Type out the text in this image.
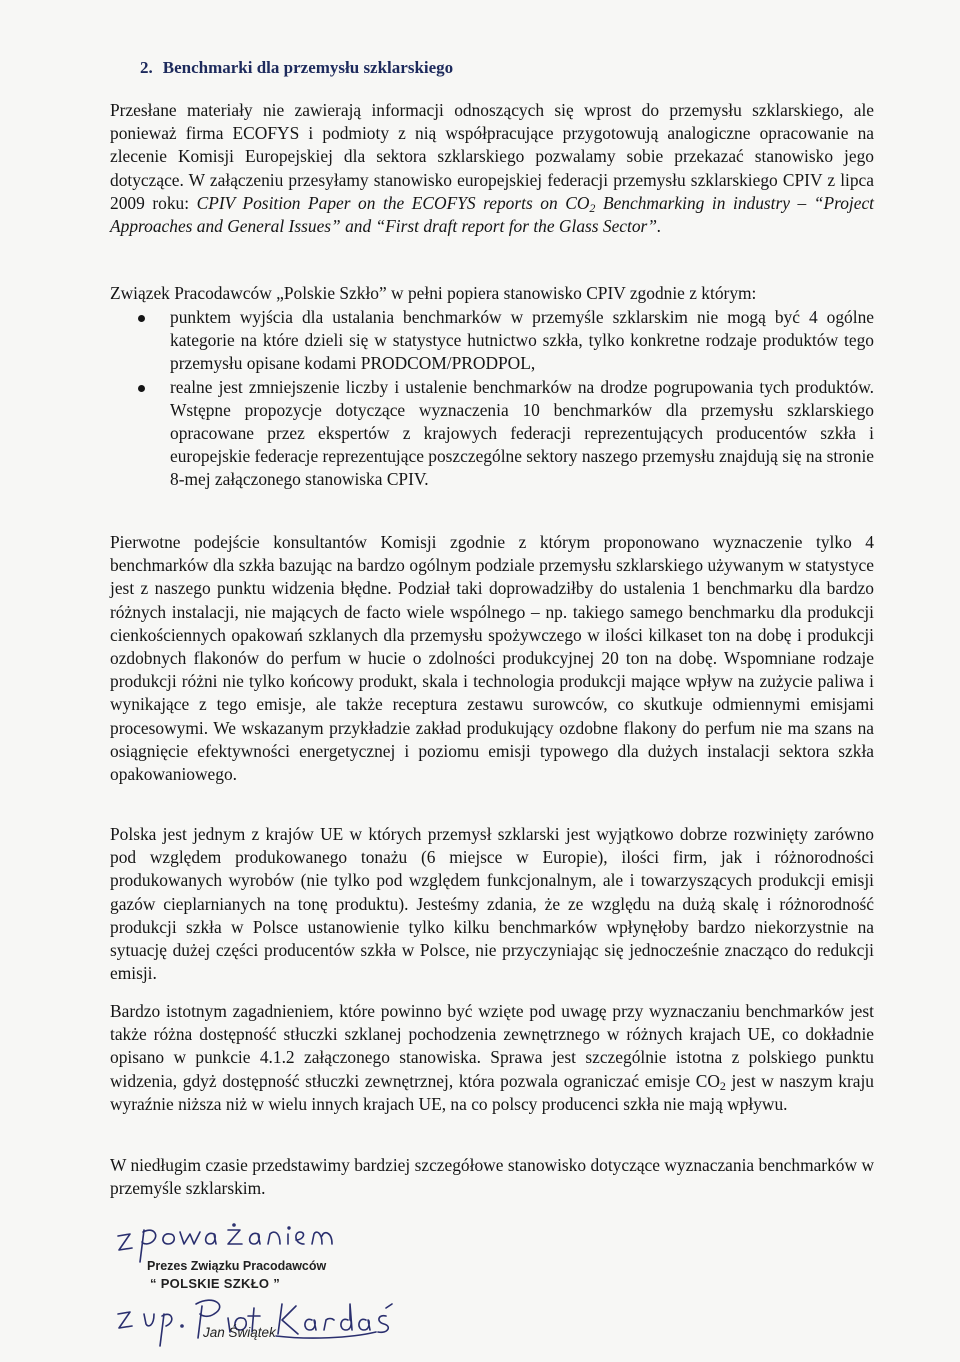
2. Benchmarki dla przemysłu szklarskiego

Przesłane materiały nie zawierają informacji odnoszących się wprost do przemysłu szklarskiego, ale ponieważ firma ECOFYS i podmioty z nią współpracujące przygotowują analogiczne opracowanie na zlecenie Komisji Europejskiej dla sektora szklarskiego pozwalamy sobie przekazać stanowisko jego dotyczące. W załączeniu przesyłamy stanowisko europejskiej federacji przemysłu szklarskiego CPIV z lipca 2009 roku: CPIV Position Paper on the ECOFYS reports on $CO_2$ Benchmarking in industry – “Project Approaches and General Issues” and “First draft report for the Glass Sector”.

Związek Pracodawców „Polskie Szkło” w pełni popiera stanowisko CPIV zgodnie z którym:

punktem wyjścia dla ustalania benchmarków w przemyśle szklarskim nie mogą być 4 ogólne kategorie na które dzieli się w statystyce hutnictwo szkła, tylko konkretne rodzaje produktów tego przemysłu opisane kodami PRODCOM/PRODPOL,
realne jest zmniejszenie liczby i ustalenie benchmarków na drodze pogrupowania tych produktów. Wstępne propozycje dotyczące wyznaczenia 10 benchmarków dla przemysłu szklarskiego opracowane przez ekspertów z krajowych federacji reprezentujących producentów szkła i europejskie federacje reprezentujące poszczególne sektory naszego przemysłu znajdują się na stronie 8-mej załączonego stanowiska CPIV.

Pierwotne podejście konsultantów Komisji zgodnie z którym proponowano wyznaczenie tylko 4 benchmarków dla szkła bazując na bardzo ogólnym podziale przemysłu szklarskiego używanym w statystyce jest z naszego punktu widzenia błędne. Podział taki doprowadziłby do ustalenia 1 benchmarku dla bardzo różnych instalacji, nie mających de facto wiele wspólnego – np. takiego samego benchmarku dla produkcji cienkościennych opakowań szklanych dla przemysłu spożywczego w ilości kilkaset ton na dobę i produkcji ozdobnych flakonów do perfum w hucie o zdolności produkcyjnej 20 ton na dobę. Wspomniane rodzaje produkcji różni nie tylko końcowy produkt, skala i technologia produkcji mające wpływ na zużycie paliwa i wynikające z tego emisje, ale także receptura zestawu surowców, co skutkuje odmiennymi emisjami procesowymi. We wskazanym przykładzie zakład produkujący ozdobne flakony do perfum nie ma szans na osiągnięcie efektywności energetycznej i poziomu emisji typowego dla dużych instalacji sektora szkła opakowaniowego.

Polska jest jednym z krajów UE w których przemysł szklarski jest wyjątkowo dobrze rozwinięty zarówno pod względem produkowanego tonażu (6 miejsce w Europie), ilości firm, jak i różnorodności produkowanych wyrobów (nie tylko pod względem funkcjonalnym, ale i towarzyszących produkcji emisji gazów cieplarnianych na tonę produktu). Jesteśmy zdania, że ze względu na dużą skalę i różnorodność produkcji szkła w Polsce ustanowienie tylko kilku benchmarków wpłynęłoby bardzo niekorzystnie na sytuację dużej części producentów szkła w Polsce, nie przyczyniając się jednocześnie znacząco do redukcji emisji.

Bardzo istotnym zagadnieniem, które powinno być wzięte pod uwagę przy wyznaczaniu benchmarków jest także różna dostępność stłuczki szklanej pochodzenia zewnętrznego w różnych krajach UE, co dokładnie opisano w punkcie 4.1.2 załączonego stanowiska. Sprawa jest szczególnie istotna z polskiego punktu widzenia, gdyż dostępność stłuczki zewnętrznej, która pozwala ograniczać emisje $CO_2$ jest w naszym kraju wyraźnie niższa niż w wielu innych krajach UE, na co polscy producenci szkła nie mają wpływu.

W niedługim czasie przedstawimy bardziej szczegółowe stanowisko dotyczące wyznaczania benchmarków w przemyśle szklarskim.

Prezes Związku Pracodawców
“ POLSKIE SZKŁO ”
Jan Świątek
